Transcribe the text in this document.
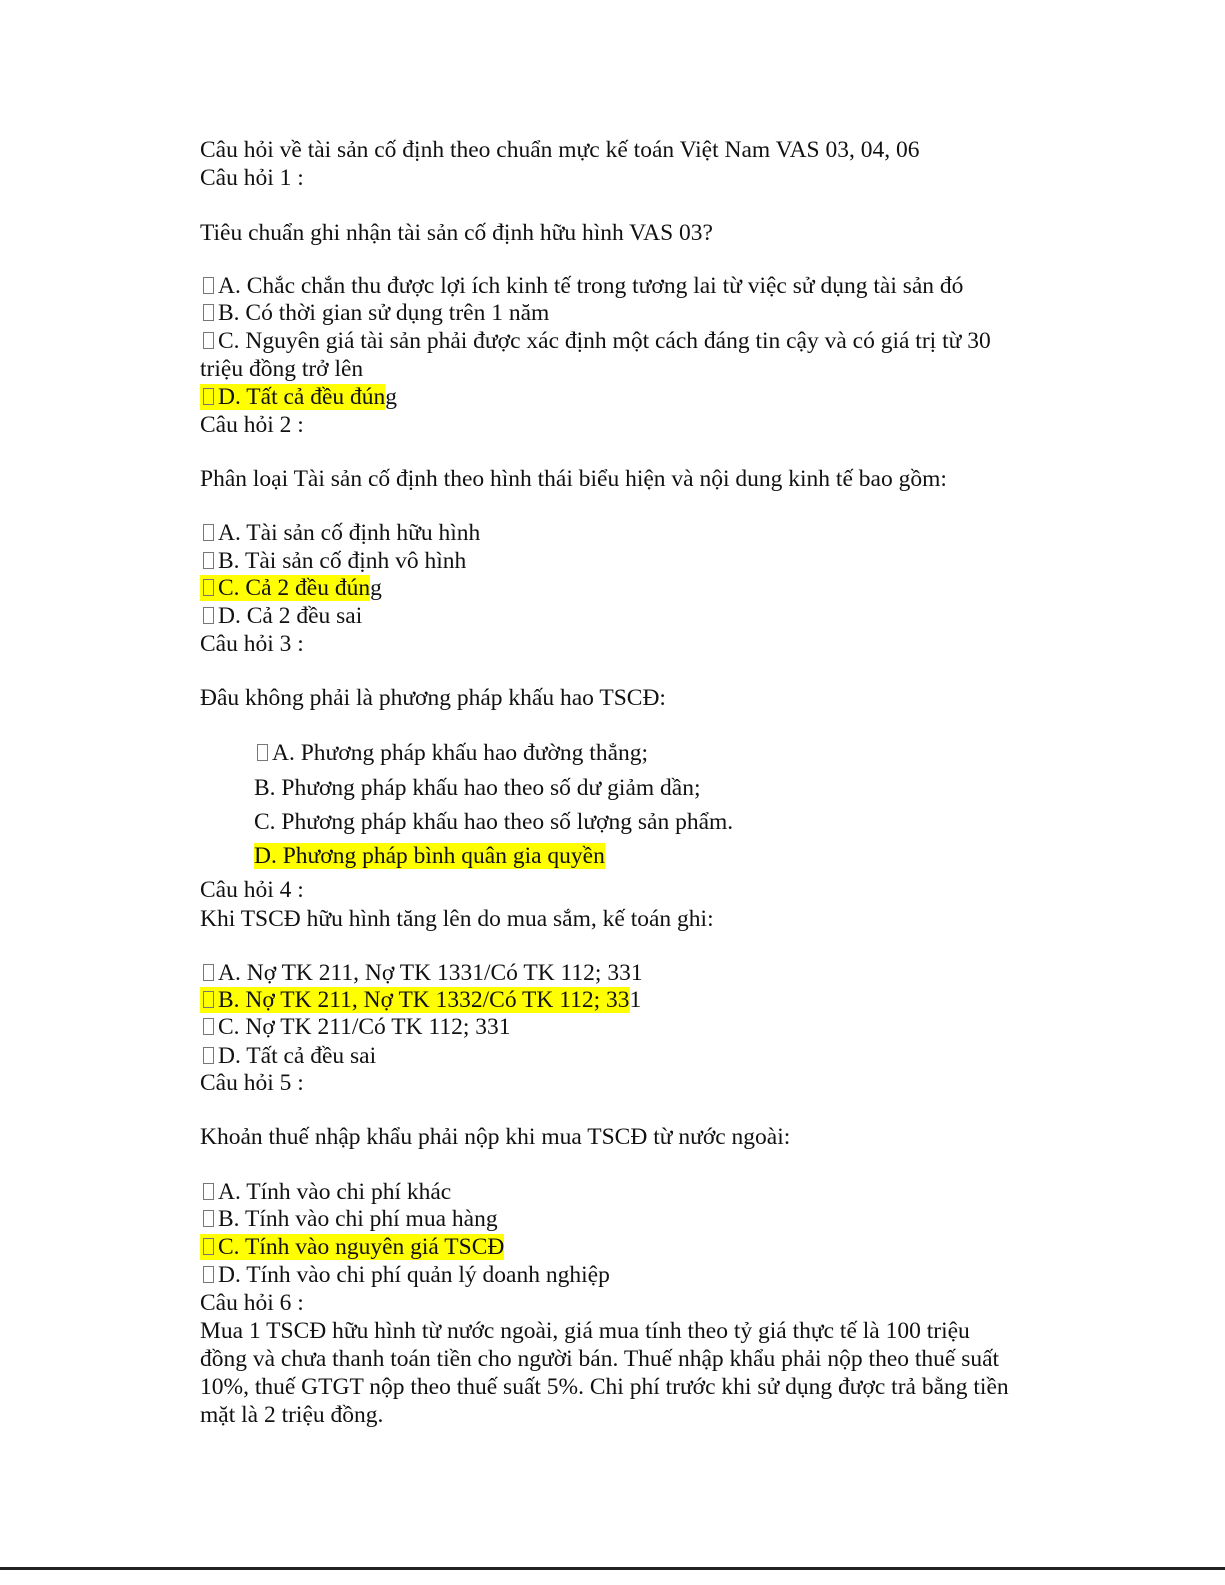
Câu hỏi về tài sản cố định theo chuẩn mực kế toán Việt Nam VAS 03, 04, 06
Câu hỏi 1 :
Tiêu chuẩn ghi nhận tài sản cố định hữu hình VAS 03?
A. Chắc chắn thu được lợi ích kinh tế trong tương lai từ việc sử dụng tài sản đó
B. Có thời gian sử dụng trên 1 năm
C. Nguyên giá tài sản phải được xác định một cách đáng tin cậy và có giá trị từ 30
triệu đồng trở lên
D. Tất cả đều đúng
Câu hỏi 2 :
Phân loại Tài sản cố định theo hình thái biểu hiện và nội dung kinh tế bao gồm:
A. Tài sản cố định hữu hình
B. Tài sản cố định vô hình
C. Cả 2 đều đúng
D. Cả 2 đều sai
Câu hỏi 3 :
Đâu không phải là phương pháp khấu hao TSCĐ:
A. Phương pháp khấu hao đường thẳng;
B. Phương pháp khấu hao theo số dư giảm dần;
C. Phương pháp khấu hao theo số lượng sản phẩm.
D. Phương pháp bình quân gia quyền
Câu hỏi 4 :
Khi TSCĐ hữu hình tăng lên do mua sắm, kế toán ghi:
A. Nợ TK 211, Nợ TK 1331/Có TK 112; 331
B. Nợ TK 211, Nợ TK 1332/Có TK 112; 331
C. Nợ TK 211/Có TK 112; 331
D. Tất cả đều sai
Câu hỏi 5 :
Khoản thuế nhập khẩu phải nộp khi mua TSCĐ từ nước ngoài:
A. Tính vào chi phí khác
B. Tính vào chi phí mua hàng
C. Tính vào nguyên giá TSCĐ
D. Tính vào chi phí quản lý doanh nghiệp
Câu hỏi 6 :
Mua 1 TSCĐ hữu hình từ nước ngoài, giá mua tính theo tỷ giá thực tế là 100 triệu
đồng và chưa thanh toán tiền cho người bán. Thuế nhập khẩu phải nộp theo thuế suất
10%, thuế GTGT nộp theo thuế suất 5%. Chi phí trước khi sử dụng được trả bằng tiền
mặt là 2 triệu đồng.
